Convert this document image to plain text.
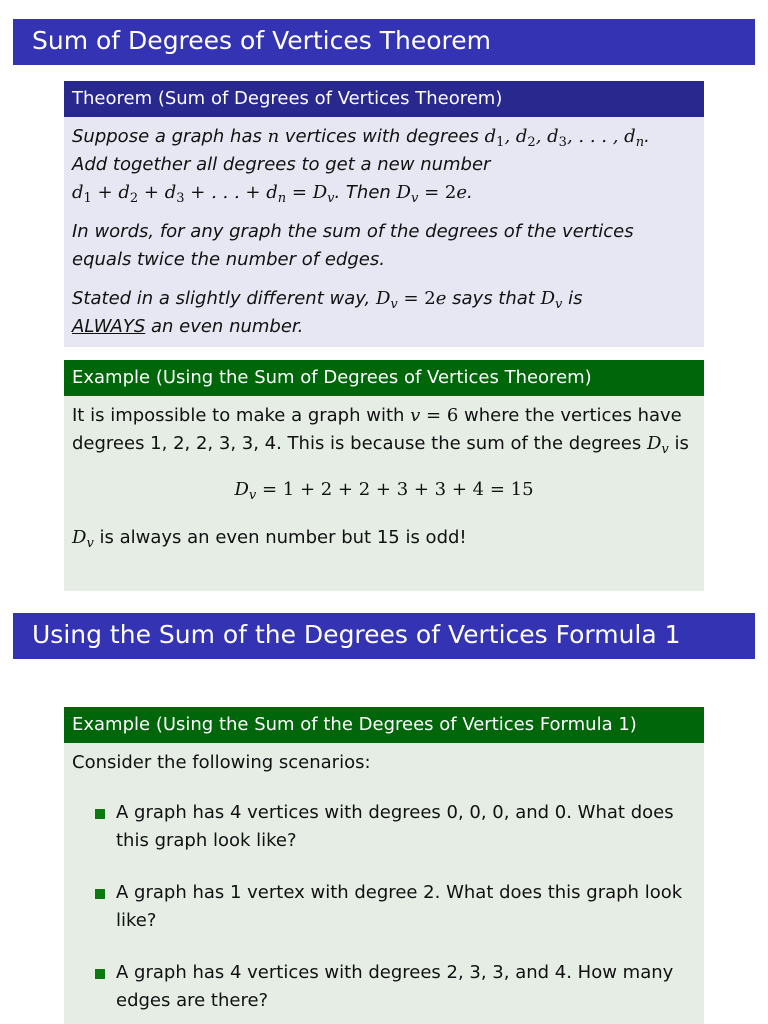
Sum of Degrees of Vertices Theorem
Theorem (Sum of Degrees of Vertices Theorem)

Suppose a graph has n vertices with degrees $d_1$, $d_2$, $d_3$, . . . , $d_n$.
Add together all degrees to get a new number
$d_1 + d_2 + d_3$ + . . . + $d_n = D_v$. Then $D_v = 2e$.

In words, for any graph the sum of the degrees of the vertices equals twice the number of edges.

Stated in a slightly different way, $D_v = 2e$ says that $D_v$ is
ALWAYS an even number.

Example (Using the Sum of Degrees of Vertices Theorem)

It is impossible to make a graph with v = 6 where the vertices have degrees 1, 2, 2, 3, 3, 4. This is because the sum of the degrees $D_v$ is

$D_v = 1 + 2 + 2 + 3 + 3 + 4 = 15$

$D_v$ is always an even number but 15 is odd!

Using the Sum of the Degrees of Vertices Formula 1
Example (Using the Sum of the Degrees of Vertices Formula 1)

Consider the following scenarios:

A graph has 4 vertices with degrees 0, 0, 0, and 0. What does this graph look like?
A graph has 1 vertex with degree 2. What does this graph look like?
A graph has 4 vertices with degrees 2, 3, 3, and 4. How many edges are there?
